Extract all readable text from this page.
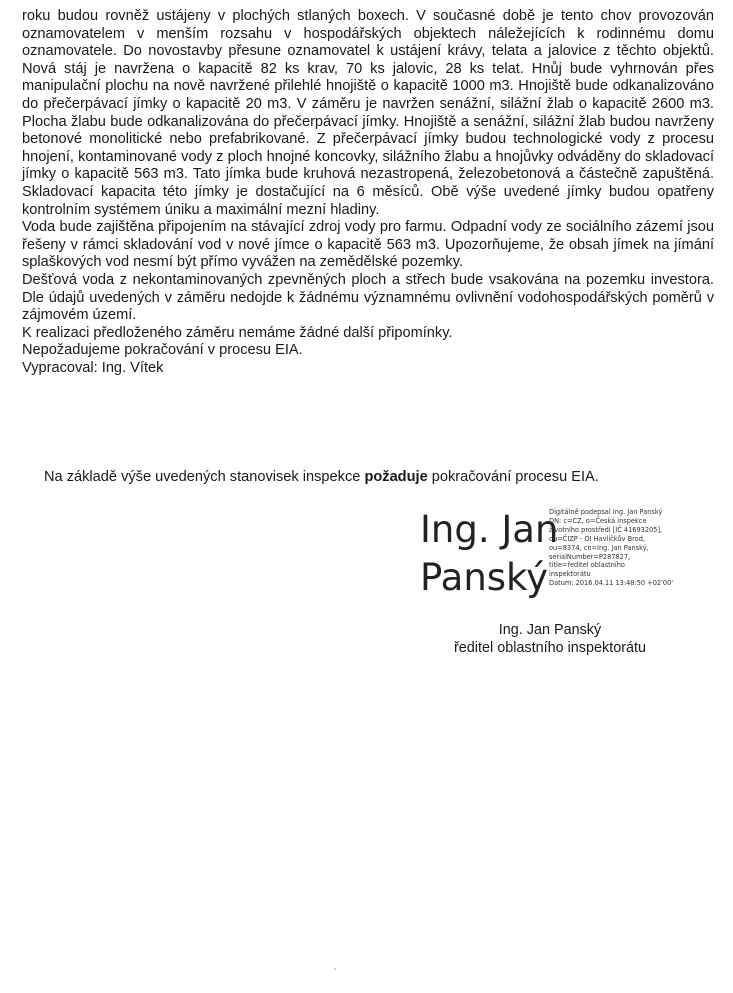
roku budou rovněž ustájeny v plochých stlaných boxech. V současné době je tento chov provozován oznamovatelem v menším rozsahu v hospodářských objektech náležejících k rodinnému domu oznamovatele. Do novostavby přesune oznamovatel k ustájení krávy, telata a jalovice z těchto objektů. Nová stáj je navržena o kapacitě 82 ks krav, 70 ks jalovic, 28 ks telat. Hnůj bude vyhrnován přes manipulační plochu na nově navržené přilehlé hnojiště o kapacitě 1000 m3. Hnojiště bude odkanalizováno do přečerpávací jímky o kapacitě 20 m3. V záměru je navržen senážní, silážní žlab o kapacitě 2600 m3. Plocha žlabu bude odkanalizována do přečerpávací jímky. Hnojiště a senážní, silážní žlab budou navrženy betonové monolitické nebo prefabrikované. Z přečerpávací jímky budou technologické vody z procesu hnojení, kontaminované vody z ploch hnojné koncovky, silážního žlabu a hnojůvky odváděny do skladovací jímky o kapacitě 563 m3. Tato jímka bude kruhová nezastropená, železobetonová a částečně zapuštěná. Skladovací kapacita této jímky je dostačující na 6 měsíců. Obě výše uvedené jímky budou opatřeny kontrolním systémem úniku a maximální mezní hladiny.

Voda bude zajištěna připojením na stávající zdroj vody pro farmu. Odpadní vody ze sociálního zázemí jsou řešeny v rámci skladování vod v nové jímce o kapacitě 563 m3. Upozorňujeme, že obsah jímek na jímání splaškových vod nesmí být přímo vyvážen na zemědělské pozemky.

Dešťová voda z nekontaminovaných zpevněných ploch a střech bude vsakována na pozemku investora. Dle údajů uvedených v záměru nedojde k žádnému významnému ovlivnění vodohospodářských poměrů v zájmovém území.

K realizaci předloženého záměru nemáme žádné další připomínky.

Nepožadujeme pokračování v procesu EIA.

Vypracoval: Ing. Vítek

Na základě výše uvedených stanovisek inspekce požaduje pokračování procesu EIA.
Ing. Jan
Panský
Digitálně podepsal Ing. Jan Panský
DN: c=CZ, o=Česká inspekce
životního prostředí [IČ 41693205],
ou=ČIZP - OI Havlíčkův Brod,
ou=8374, cn=Ing. Jan Panský,
serialNumber=P287827,
title=ředitel oblastního
inspektorátu
Datum: 2016.04.11 13:48:50 +02'00'
Ing. Jan Panský
ředitel oblastního inspektorátu
